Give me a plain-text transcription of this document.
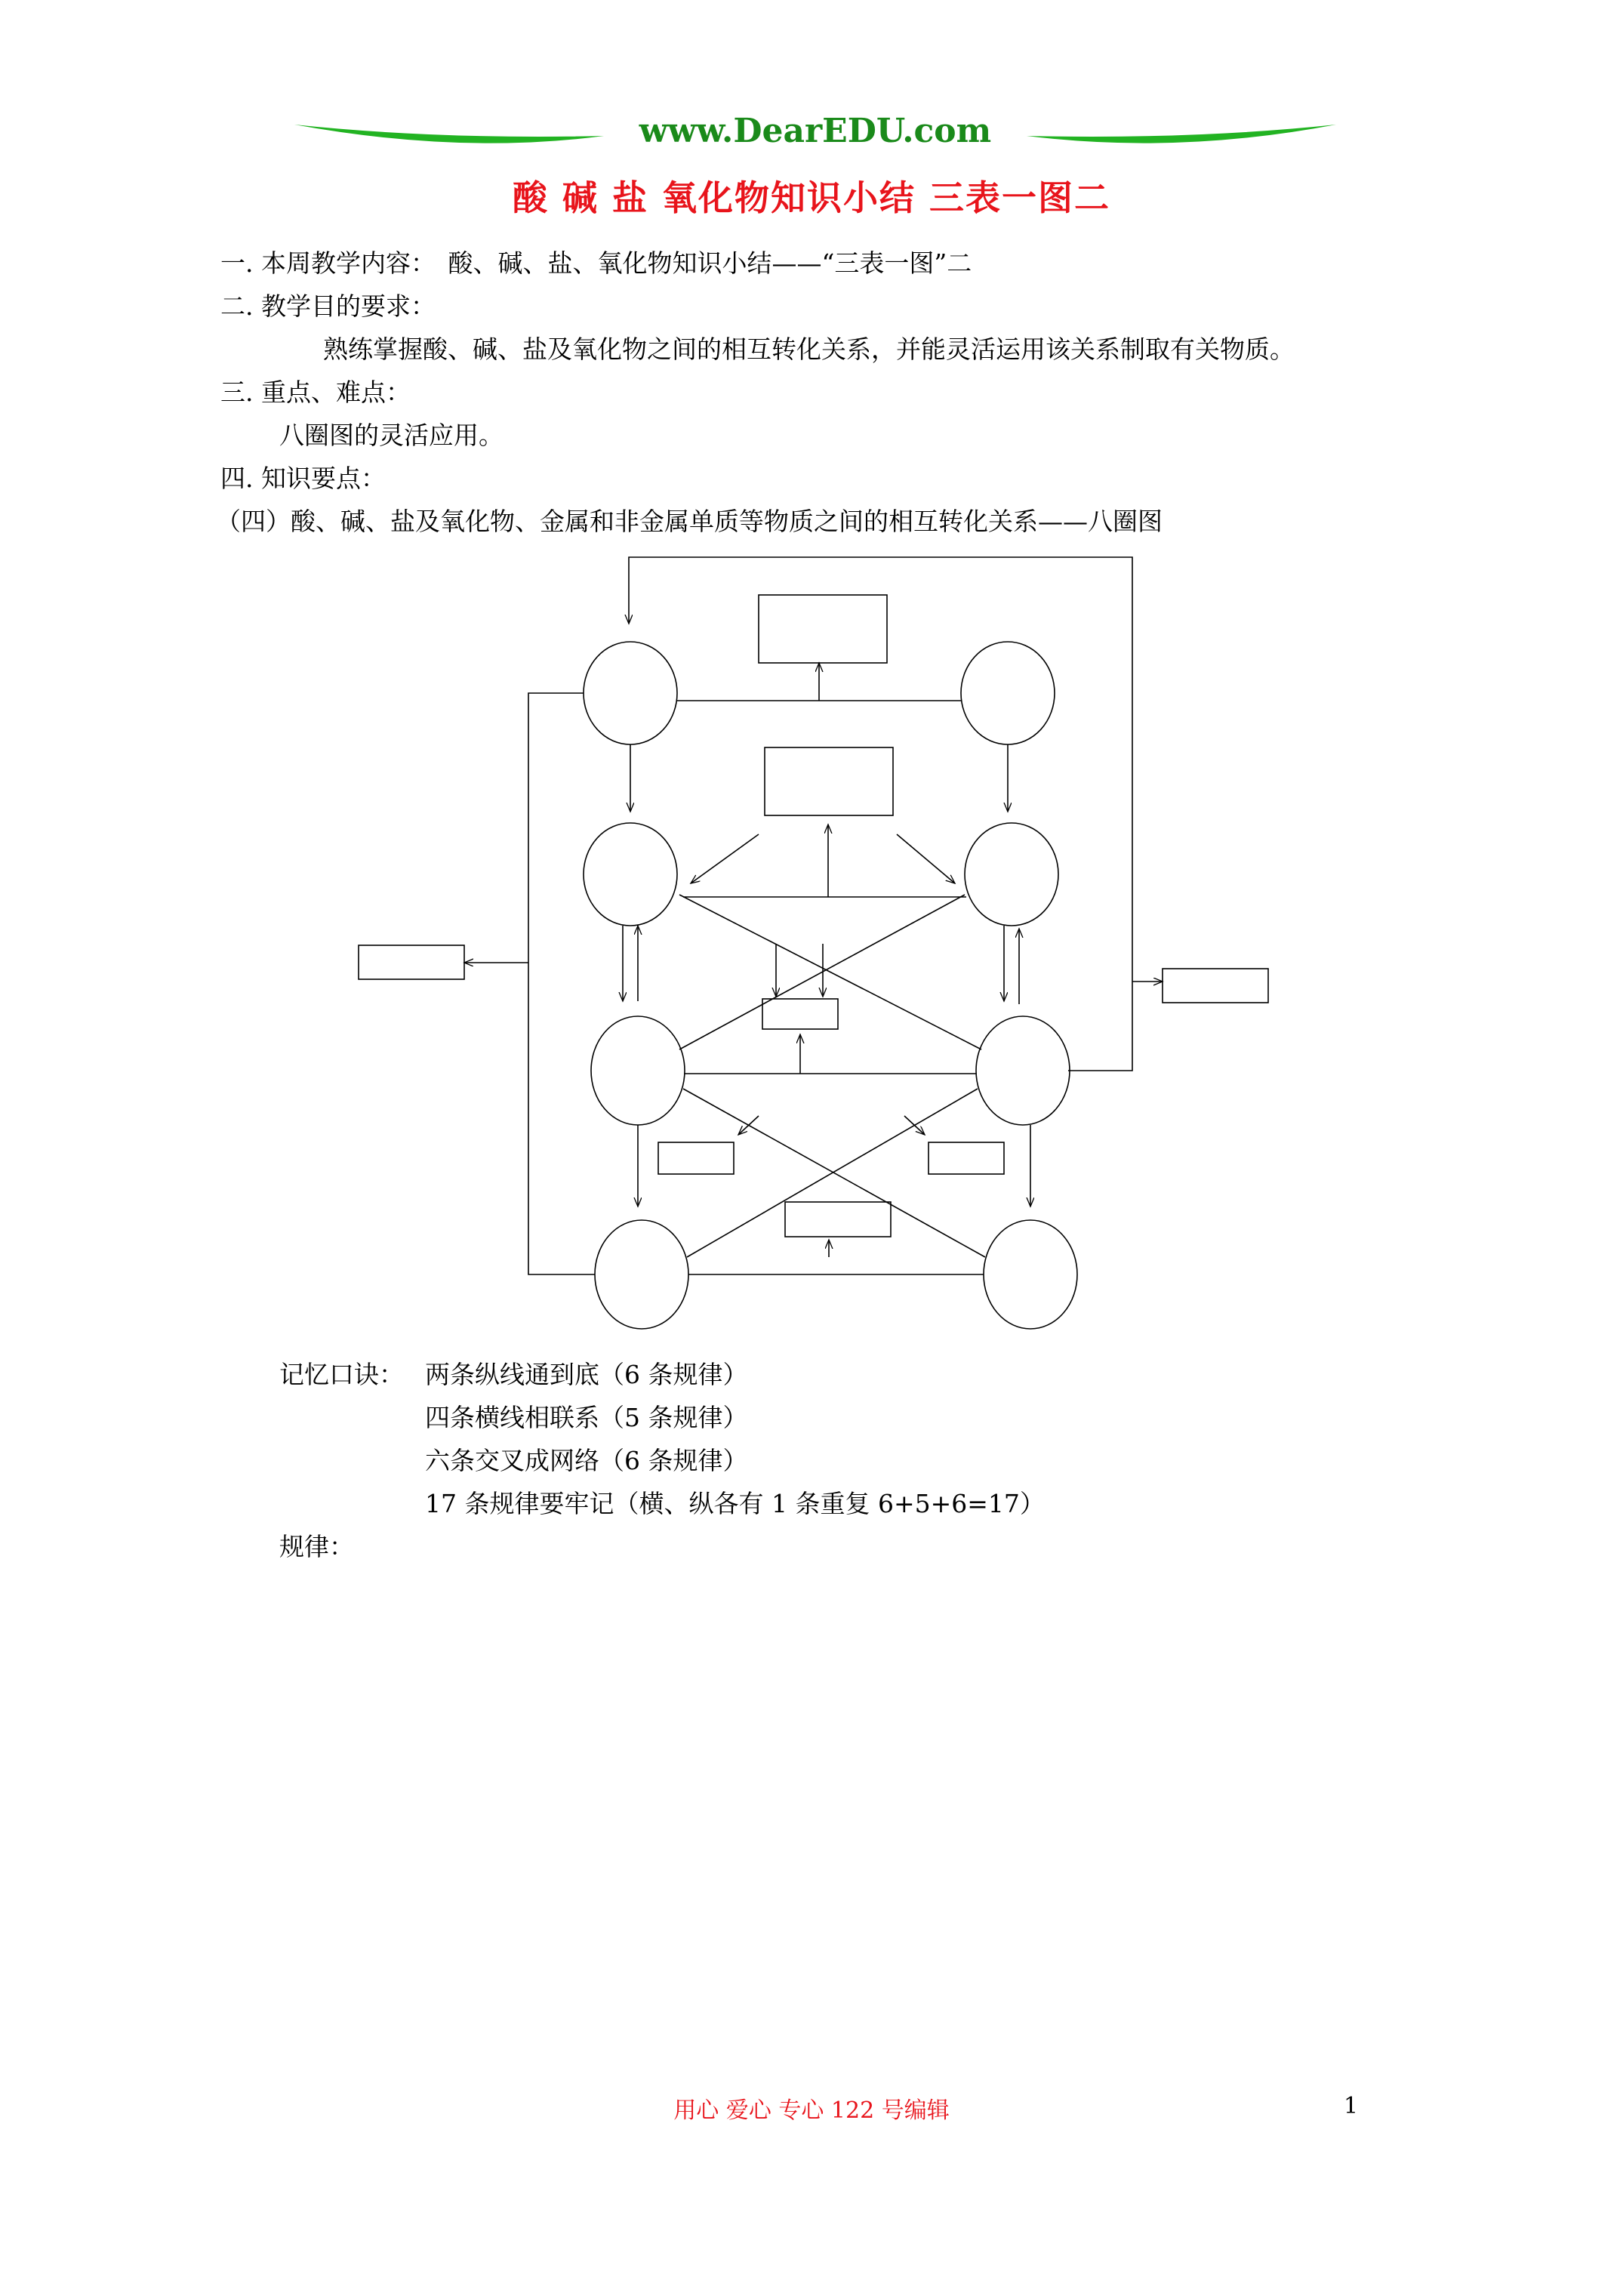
www.DearEDU.com
酸 碱 盐 氧化物知识小结 三表一图二
一. 本周教学内容：　酸、碱、盐、氧化物知识小结——“三表一图”二
二. 教学目的要求：
熟练掌握酸、碱、盐及氧化物之间的相互转化关系，并能灵活运用该关系制取有关物质。
三. 重点、难点：
八圈图的灵活应用。
四. 知识要点：
（四）酸、碱、盐及氧化物、金属和非金属单质等物质之间的相互转化关系——八圈图
记忆口诀： 两条纵线通到底（6 条规律）
四条横线相联系（5 条规律）
六条交叉成网络（6 条规律）
17 条规律要牢记（横、纵各有 1 条重复 6+5+6=17）
规律：
用心 爱心 专心 122 号编辑	1
